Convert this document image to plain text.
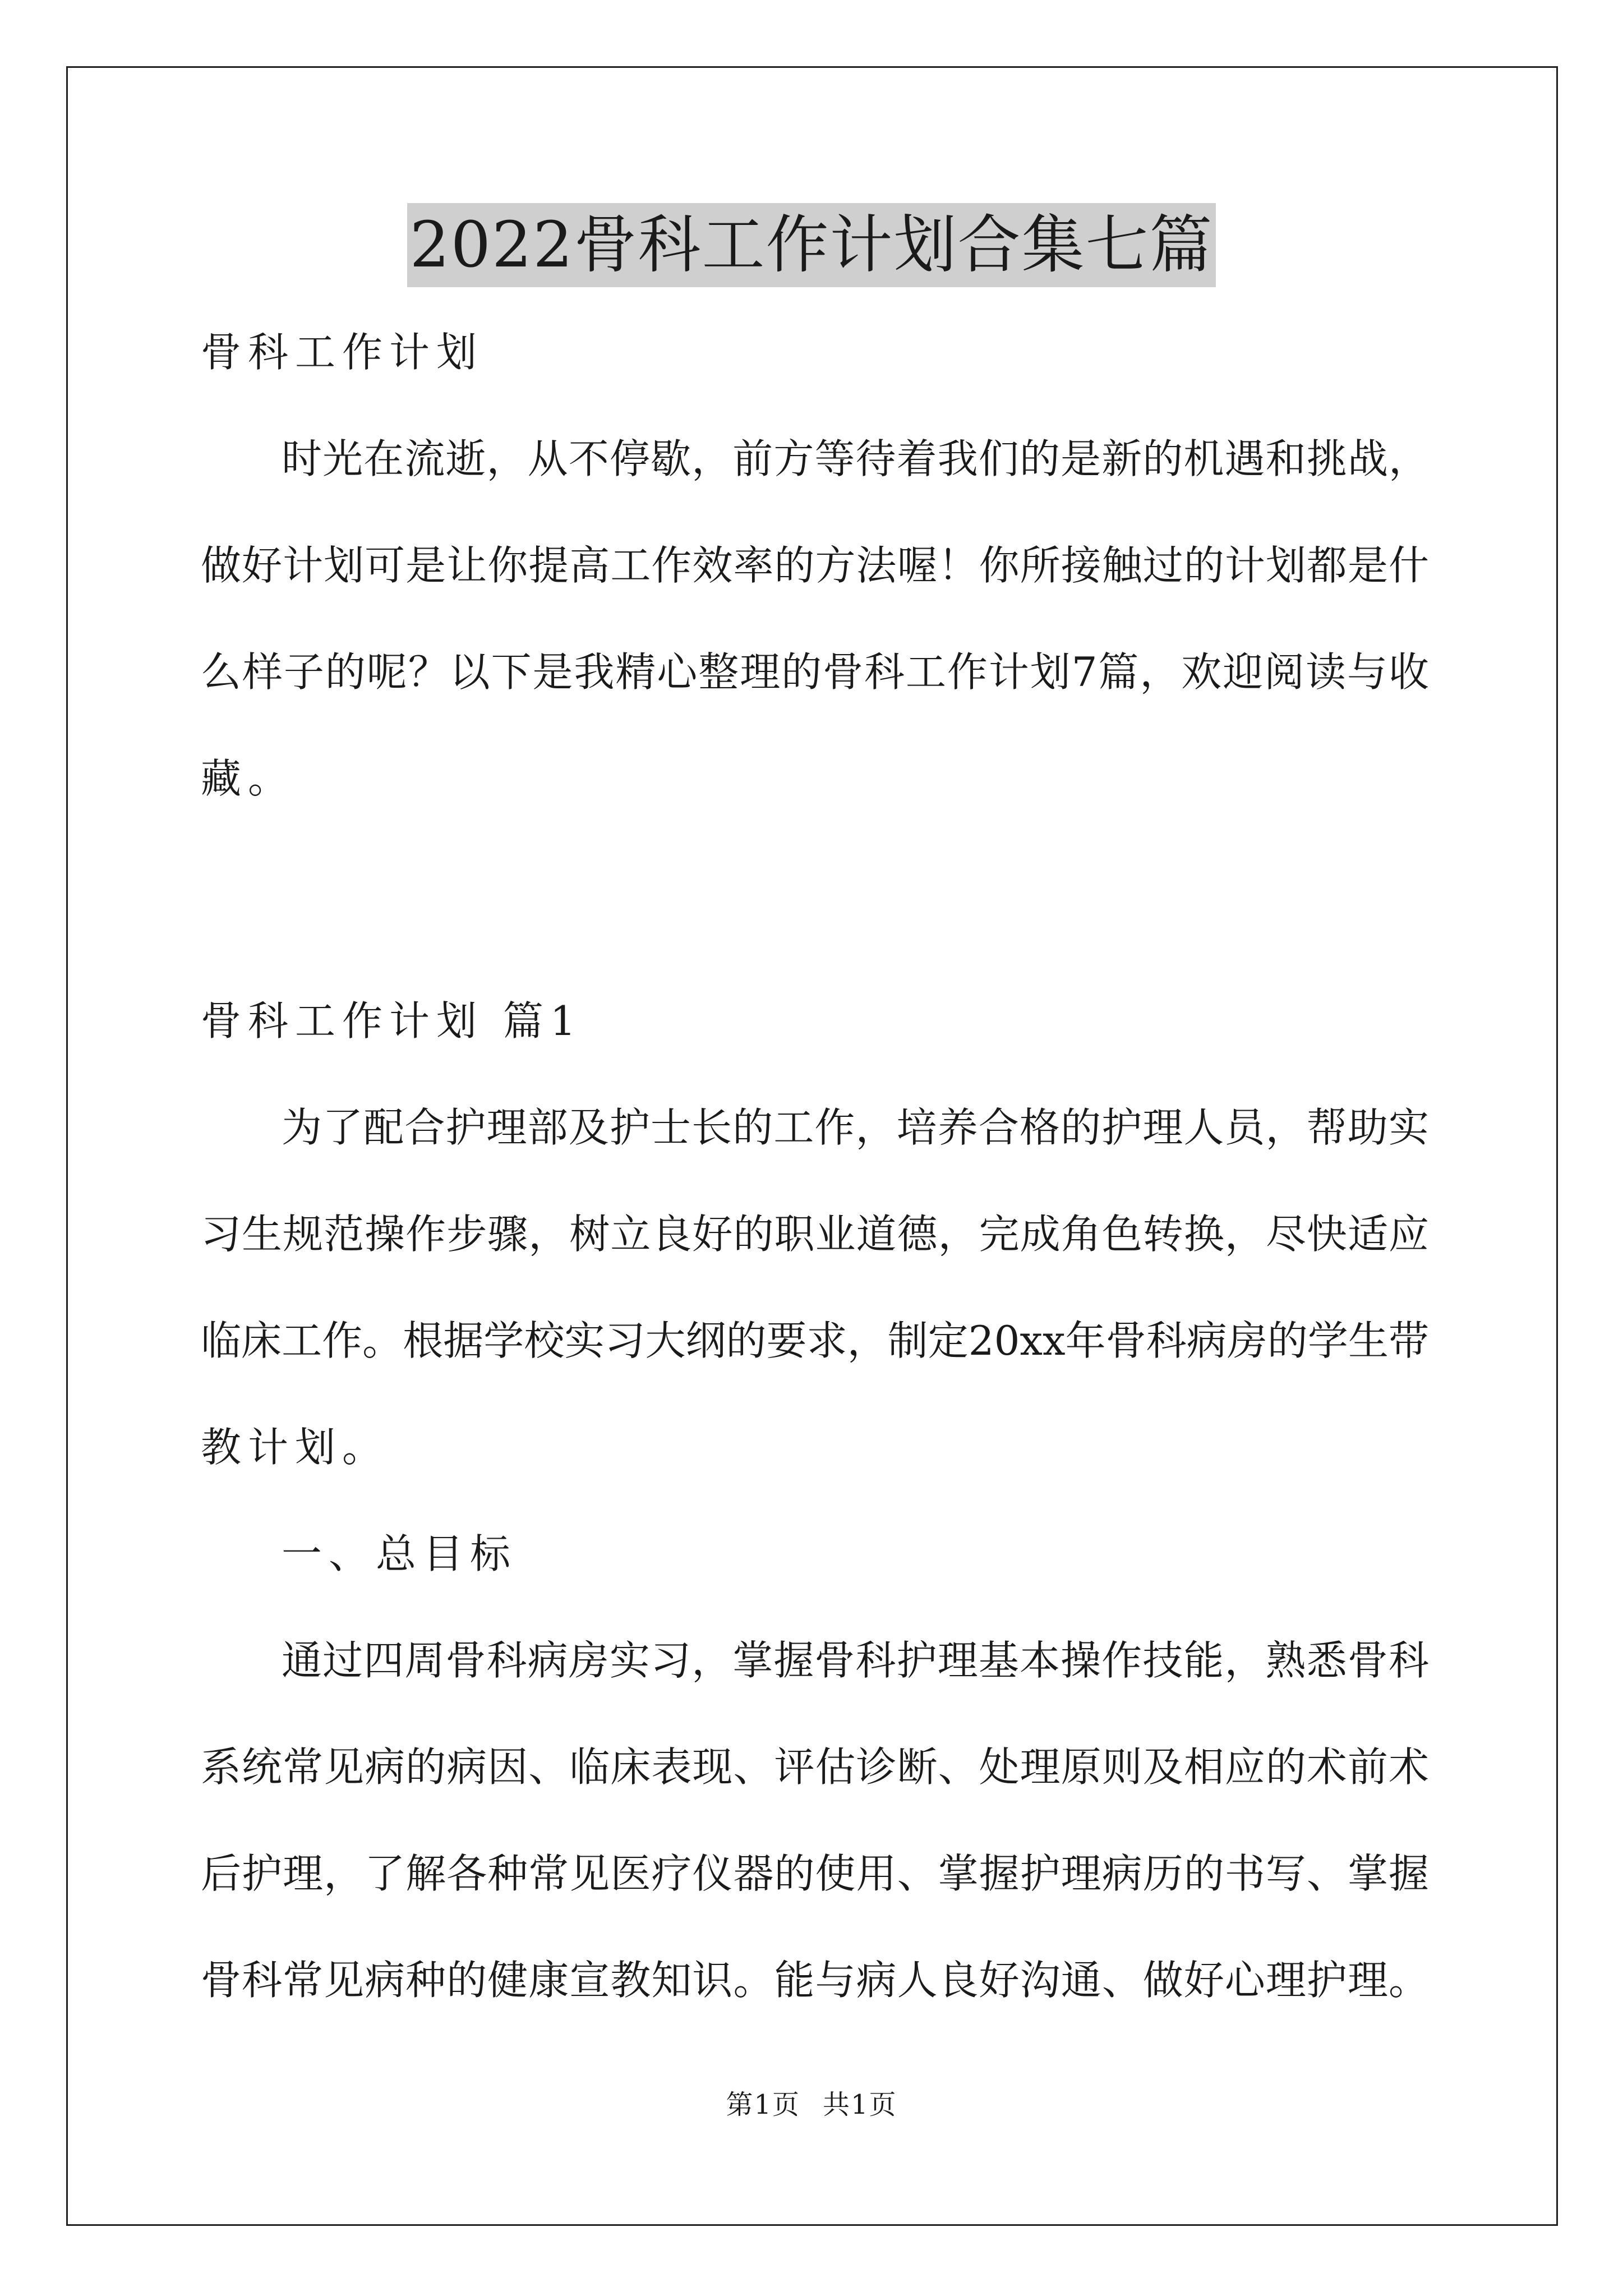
2022骨科工作计划合集七篇
骨科工作计划
时光在流逝，从不停歇，前方等待着我们的是新的机遇和挑战，
做好计划可是让你提高工作效率的方法喔！你所接触过的计划都是什
么样子的呢？以下是我精心整理的骨科工作计划7篇，欢迎阅读与收
藏。
骨科工作计划 篇1
为了配合护理部及护士长的工作，培养合格的护理人员，帮助实
习生规范操作步骤，树立良好的职业道德，完成角色转换，尽快适应
临床工作。根据学校实习大纲的要求，制定20xx年骨科病房的学生带
教计划。
一、总目标
通过四周骨科病房实习，掌握骨科护理基本操作技能，熟悉骨科
系统常见病的病因、临床表现、评估诊断、处理原则及相应的术前术
后护理，了解各种常见医疗仪器的使用、掌握护理病历的书写、掌握
骨科常见病种的健康宣教知识。能与病人良好沟通、做好心理护理。
第1页 共1页
